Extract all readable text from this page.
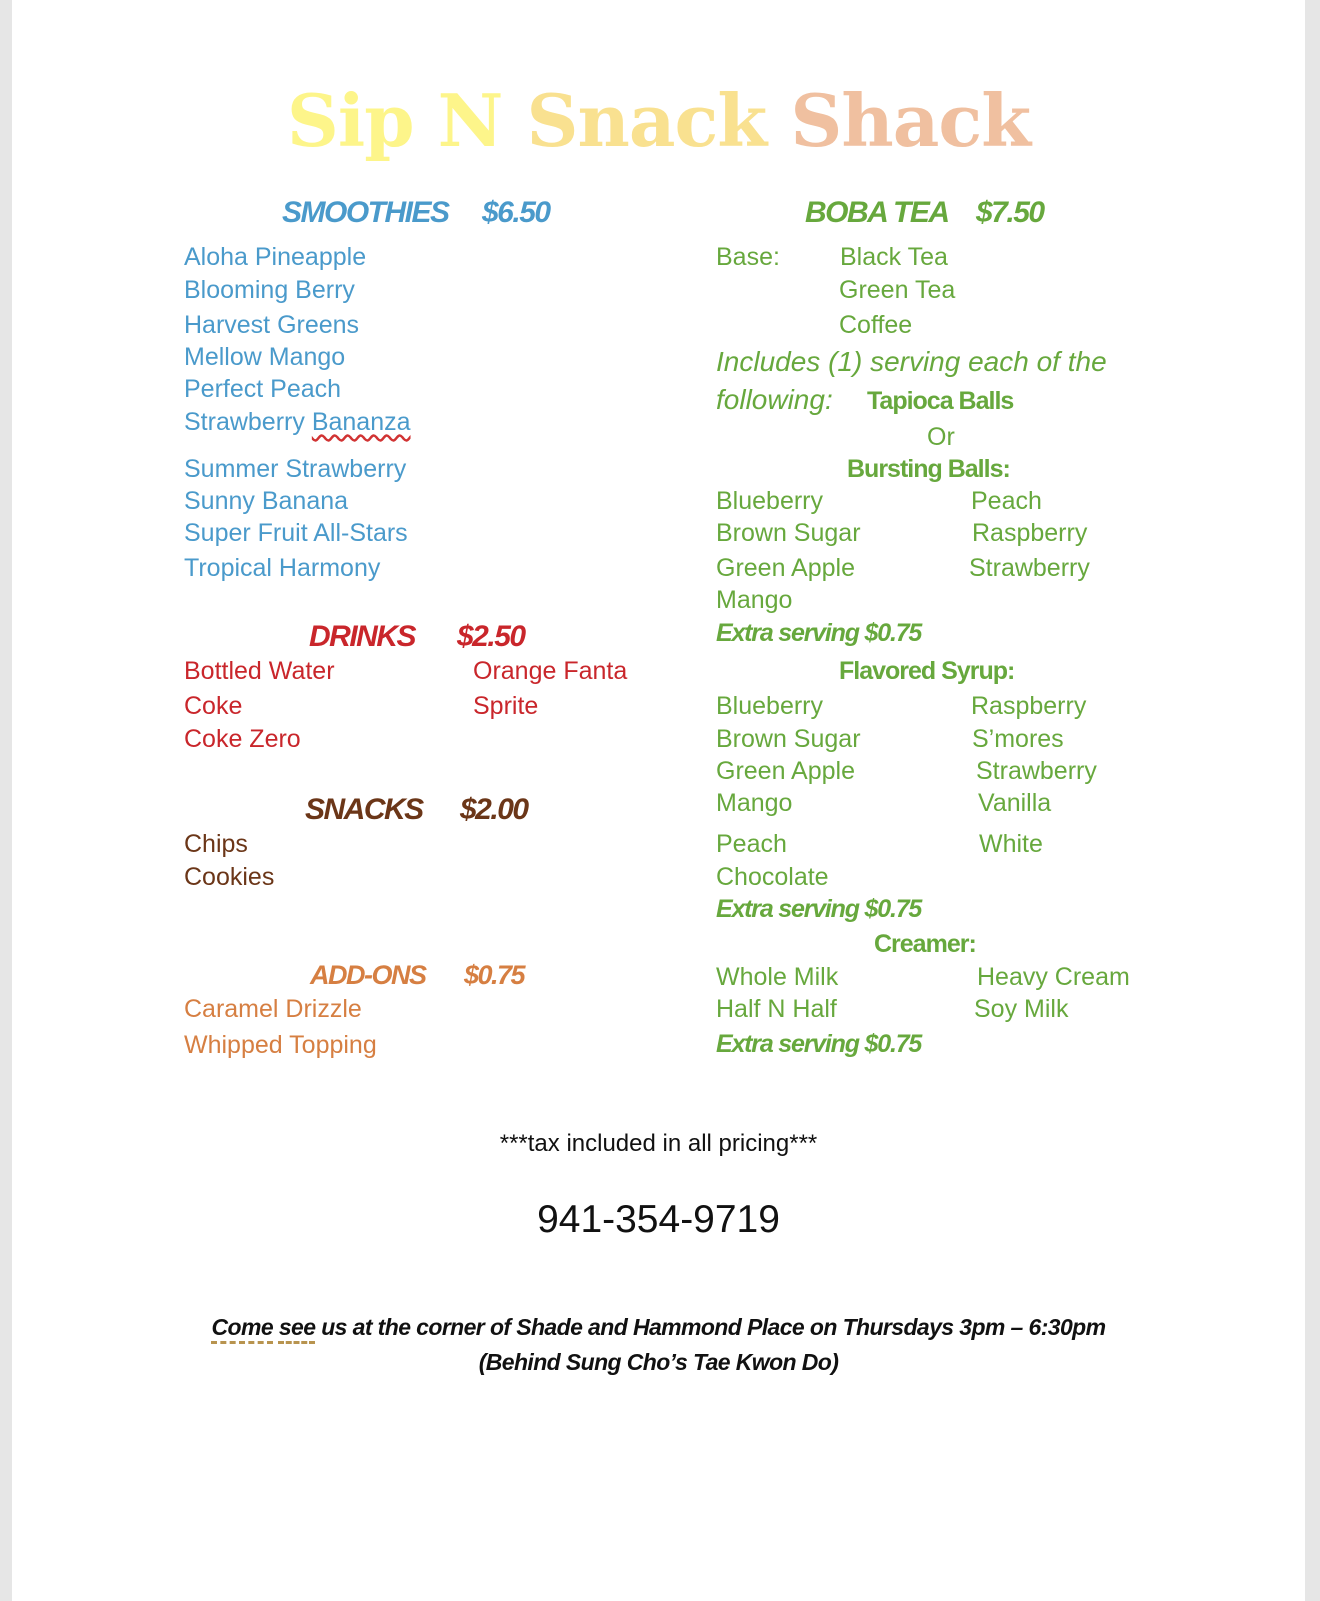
Sip N Snack Shack
SMOOTHIES $6.50
Aloha Pineapple
Blooming Berry
Harvest Greens
Mellow Mango
Perfect Peach
Strawberry Bananza
Summer Strawberry
Sunny Banana
Super Fruit All-Stars
Tropical Harmony
DRINKS $2.50
Bottled Water
Coke
Coke Zero
Orange Fanta
Sprite
SNACKS $2.00
Chips
Cookies
ADD-ONS $0.75
Caramel Drizzle
Whipped Topping
BOBA TEA $7.50
Base: Black Tea
Green Tea
Coffee
Includes (1) serving each of the
following: Tapioca Balls
Or
Bursting Balls:
Blueberry
Brown Sugar
Green Apple
Mango
Peach
Raspberry
Strawberry
Extra serving $0.75
Flavored Syrup:
Blueberry
Brown Sugar
Green Apple
Mango
Peach
Chocolate
Raspberry
S’mores
Strawberry
Vanilla
White
Extra serving $0.75
Creamer:
Whole Milk
Half N Half
Heavy Cream
Soy Milk
Extra serving $0.75
***tax included in all pricing***
941-354-9719
Come see us at the corner of Shade and Hammond Place on Thursdays 3pm – 6:30pm
(Behind Sung Cho’s Tae Kwon Do)
